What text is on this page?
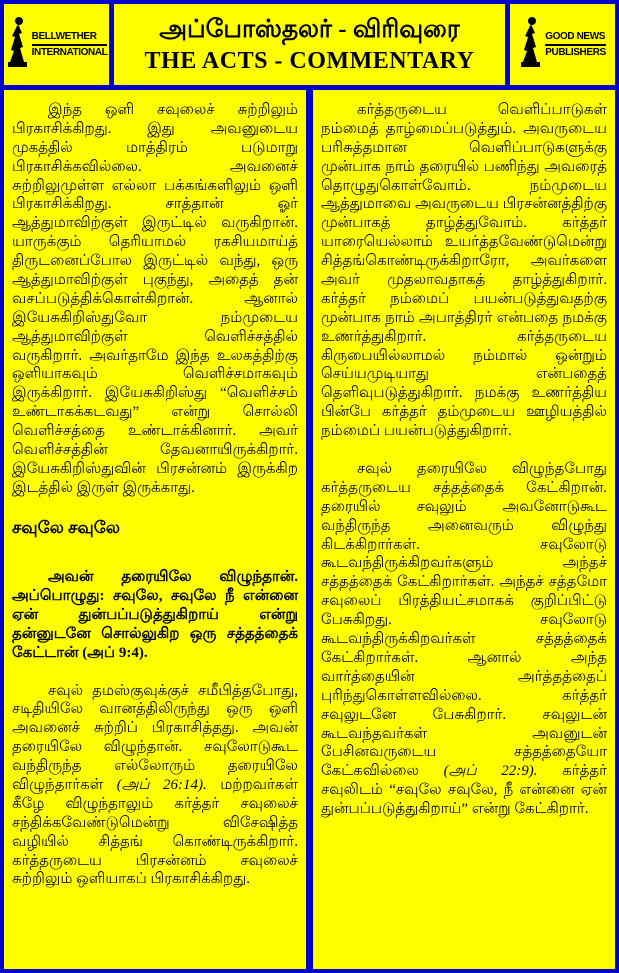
BELLWETHER
INTERNATIONAL
அப்போஸ்தலர் - விரிவுரை
THE ACTS - COMMENTARY
GOOD NEWS
PUBLISHERS

இந்த ஒளி சவுலைச் சுற்றிலும் பிரகாசிக்கிறது. இது அவனுடைய முகத்தில் மாத்திரம் படுமாறு பிரகாசிக்கவில்லை. அவனைச் சுற்றிலுமுள்ள எல்லா பக்கங்களிலும் ஒளி பிரகாசிக்கிறது. சாத்தான் ஓர் ஆத்துமாவிற்குள் இருட்டில் வருகிறான். யாருக்கும் தெரியாமல் ரகசியமாய்த் திருடனைப்போல இருட்டில் வந்து, ஒரு ஆத்துமாவிற்குள் புகுந்து, அதைத் தன் வசப்படுத்திக்கொள்கிறான். ஆனால் இயேசுகிறிஸ்துவோ நம்முடைய ஆத்துமாவிற்குள் வெளிச்சத்தில் வருகிறார். அவர்தாமே இந்த உலகத்திற்கு ஒளியாகவும் வெளிச்சமாகவும் இருக்கிறார். இயேசுகிறிஸ்து “வெளிச்சம் உண்டாகக்கடவது” என்று சொல்லி வெளிச்சத்தை உண்டாக்கினார். அவர் வெளிச்சத்தின் தேவனாயிருக்கிறார். இயேசுகிறிஸ்துவின் பிரசன்னம் இருக்கிற இடத்தில் இருள் இருக்காது.

சவுலே சவுலே

அவன் தரையிலே விழுந்தான். அப்பொழுது: சவுலே, சவுலே நீ என்னை ஏன் துன்பப்படுத்துகிறாய் என்று தன்னுடனே சொல்லுகிற ஒரு சத்தத்தைக் கேட்டான் (அப் 9:4).

சவுல் தமஸ்குவுக்குச் சமீபித்தபோது, சடிதியிலே வானத்திலிருந்து ஒரு ஒளி அவனைச் சுற்றிப் பிரகாசித்தது. அவன் தரையிலே விழுந்தான். சவுலோடுகூட வந்திருந்த எல்லோரும் தரையிலே விழுந்தார்கள் (அப் 26:14). மற்றவர்கள் கீழே விழுந்தாலும் கர்த்தர் சவுலைச் சந்திக்கவேண்டுமென்று விசேஷித்த வழியில் சித்தங் கொண்டிருக்கிறார். கர்த்தருடைய பிரசன்னம் சவுலைச் சுற்றிலும் ஒளியாகப் பிரகாசிக்கிறது.

கர்த்தருடைய வெளிப்பாடுகள் நம்மைத் தாழ்மைப்படுத்தும். அவருடைய பரிசுத்தமான வெளிப்பாடுகளுக்கு முன்பாக நாம் தரையில் பணிந்து அவரைத் தொழுதுகொள்வோம். நம்முடைய ஆத்துமாவை அவருடைய பிரசன்னத்திற்கு முன்பாகத் தாழ்த்துவோம். கர்த்தர் யாரையெல்லாம் உயர்த்தவேண்டுமென்று சித்தங்கொண்டிருக்கிறாரோ, அவர்களை அவர் முதலாவதாகத் தாழ்த்துகிறார். கர்த்தர் நம்மைப் பயன்படுத்துவதற்கு முன்பாக நாம் அபாத்திரர் என்பதை நமக்கு உணர்த்துகிறார். கர்த்தருடைய கிருபையில்லாமல் நம்மால் ஒன்றும் செய்யமுடியாது என்பதைத் தெளிவுபடுத்துகிறார். நமக்கு உணர்த்திய பின்பே கர்த்தர் தம்முடைய ஊழியத்தில் நம்மைப் பயன்படுத்துகிறார்.

சவுல் தரையிலே விழுந்தபோது கர்த்தருடைய சத்தத்தைக் கேட்கிறான். தரையில் சவுலும் அவனோடுகூட வந்திருந்த அனைவரும் விழுந்து கிடக்கிறார்கள். சவுலோடு கூடவந்திருக்கிறவர்களும் அந்தச் சத்தத்தைக் கேட்கிறார்கள். அந்தச் சத்தமோ சவுலைப் பிரத்தியட்சமாகக் குறிப்பிட்டு பேசுகிறது. சவுலோடு கூடவந்திருக்கிறவர்கள் சத்தத்தைக் கேட்கிறார்கள். ஆனால் அந்த வார்த்தையின் அர்த்தத்தைப் புரிந்துகொள்ளவில்லை. கர்த்தர் சவுலுடனே பேசுகிறார். சவுலுடன் கூடவந்தவர்கள் அவனுடன் பேசினவருடைய சத்தத்தையோ கேட்கவில்லை (அப் 22:9). கர்த்தர் சவுலிடம் “சவுலே சவுலே, நீ என்னை ஏன் துன்பப்படுத்துகிறாய்” என்று கேட்கிறார்.
